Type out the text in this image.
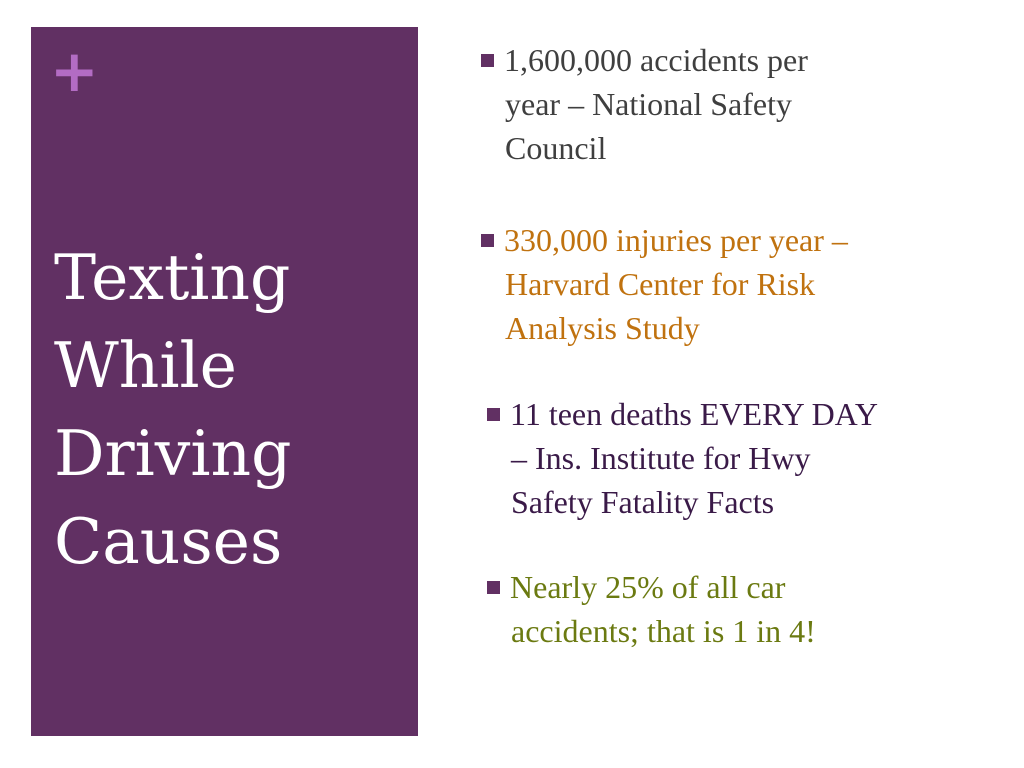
+
Texting
While
Driving
Causes
1,600,000 accidents per
year – National Safety
Council
330,000 injuries per year –
Harvard Center for Risk
Analysis Study
11 teen deaths EVERY DAY
– Ins. Institute for Hwy
Safety Fatality Facts
Nearly 25% of all car
accidents; that is 1 in 4!
